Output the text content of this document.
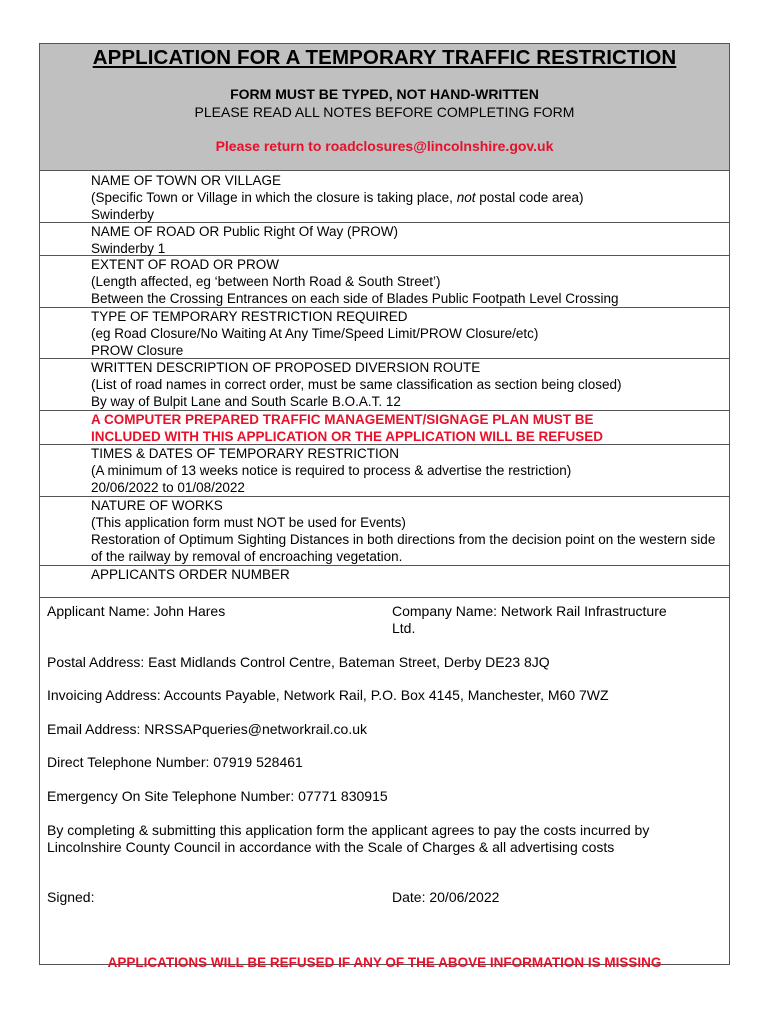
APPLICATION FOR A TEMPORARY TRAFFIC RESTRICTION
FORM MUST BE TYPED, NOT HAND-WRITTEN
PLEASE READ ALL NOTES BEFORE COMPLETING FORM
Please return to roadclosures@lincolnshire.gov.uk
NAME OF TOWN OR VILLAGE
(Specific Town or Village in which the closure is taking place, not postal code area)
Swinderby
NAME OF ROAD OR Public Right Of Way (PROW)
Swinderby 1
EXTENT OF ROAD OR PROW
(Length affected, eg ‘between North Road & South Street’)
Between the Crossing Entrances on each side of Blades Public Footpath Level Crossing
TYPE OF TEMPORARY RESTRICTION REQUIRED
(eg Road Closure/No Waiting At Any Time/Speed Limit/PROW Closure/etc)
PROW Closure
WRITTEN DESCRIPTION OF PROPOSED DIVERSION ROUTE
(List of road names in correct order, must be same classification as section being closed)
By way of Bulpit Lane and South Scarle B.O.A.T. 12
A COMPUTER PREPARED TRAFFIC MANAGEMENT/SIGNAGE PLAN MUST BE
INCLUDED WITH THIS APPLICATION OR THE APPLICATION WILL BE REFUSED
TIMES & DATES OF TEMPORARY RESTRICTION
(A minimum of 13 weeks notice is required to process & advertise the restriction)
20/06/2022 to 01/08/2022
NATURE OF WORKS
(This application form must NOT be used for Events)
Restoration of Optimum Sighting Distances in both directions from the decision point on the western side of the railway by removal of encroaching vegetation.
APPLICANTS ORDER NUMBER
Applicant Name: John Hares	Company Name: Network Rail Infrastructure
Ltd.
Postal Address: East Midlands Control Centre, Bateman Street, Derby DE23 8JQ
Invoicing Address: Accounts Payable, Network Rail, P.O. Box 4145, Manchester, M60 7WZ
Email Address: NRSSAPqueries@networkrail.co.uk
Direct Telephone Number: 07919 528461
Emergency On Site Telephone Number: 07771 830915
By completing & submitting this application form the applicant agrees to pay the costs incurred by
Lincolnshire County Council in accordance with the Scale of Charges & all advertising costs
Signed:	Date: 20/06/2022
APPLICATIONS WILL BE REFUSED IF ANY OF THE ABOVE INFORMATION IS MISSING
